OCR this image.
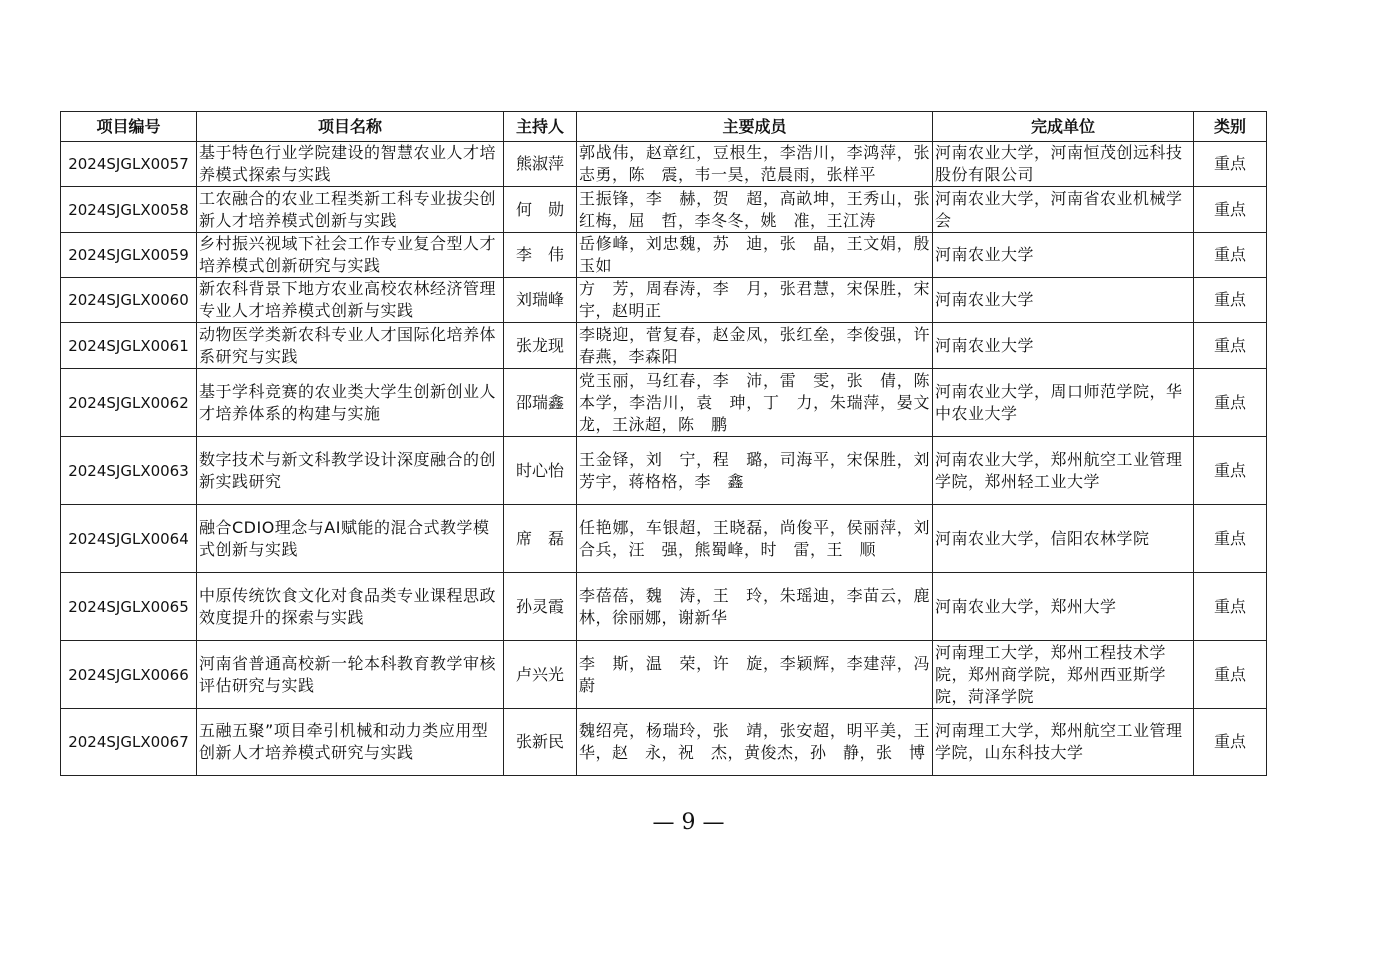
项目编号	项目名称	主持人	主要成员	完成单位	类别
2024SJGLX0057	基于特色行业学院建设的智慧农业人才培养模式探索与实践	熊淑萍	郭战伟，赵章红，豆根生，李浩川，李鸿萍，张志勇，陈　震，韦一昊，范晨雨，张样平	河南农业大学，河南恒茂创远科技股份有限公司	重点
2024SJGLX0058	工农融合的农业工程类新工科专业拔尖创新人才培养模式创新与实践	何　勋	王振锋，李　赫，贺　超，高畝坤，王秀山，张红梅，屈　哲，李冬冬，姚　准，王江涛	河南农业大学，河南省农业机械学会	重点
2024SJGLX0059	乡村振兴视域下社会工作专业复合型人才培养模式创新研究与实践	李　伟	岳修峰，刘忠魏，苏　迪，张　晶，王文娟，殷玉如	河南农业大学	重点
2024SJGLX0060	新农科背景下地方农业高校农林经济管理专业人才培养模式创新与实践	刘瑞峰	方　芳，周春涛，李　月，张君慧，宋保胜，宋　宇，赵明正	河南农业大学	重点
2024SJGLX0061	动物医学类新农科专业人才国际化培养体系研究与实践	张龙现	李晓迎，菅复春，赵金凤，张红垒，李俊强，许春燕，李森阳	河南农业大学	重点
2024SJGLX0062	基于学科竞赛的农业类大学生创新创业人才培养体系的构建与实施	邵瑞鑫	党玉丽，马红春，李　沛，雷　雯，张　倩，陈本学，李浩川，袁　珅，丁　力，朱瑞萍，晏文龙，王泳超，陈　鹏	河南农业大学，周口师范学院，华中农业大学	重点
2024SJGLX0063	数字技术与新文科教学设计深度融合的创新实践研究	时心怡	王金铎，刘　宁，程　璐，司海平，宋保胜，刘芳宇，蒋格格，李　鑫	河南农业大学，郑州航空工业管理学院，郑州轻工业大学	重点
2024SJGLX0064	融合CDIO理念与AI赋能的混合式教学模式创新与实践	席　磊	任艳娜，车银超，王晓磊，尚俊平，侯丽萍，刘合兵，汪　强，熊蜀峰，时　雷，王　顺	河南农业大学，信阳农林学院	重点
2024SJGLX0065	中原传统饮食文化对食品类专业课程思政效度提升的探索与实践	孙灵霞	李蓓蓓，魏　涛，王　玲，朱瑶迪，李苗云，鹿　林，徐丽娜，谢新华	河南农业大学，郑州大学	重点
2024SJGLX0066	河南省普通高校新一轮本科教育教学审核评估研究与实践	卢兴光	李　斯，温　荣，许　旋，李颖辉，李建萍，冯　蔚	河南理工大学，郑州工程技术学院，郑州商学院，郑州西亚斯学院，菏泽学院	重点
2024SJGLX0067	五融五聚”项目牵引机械和动力类应用型创新人才培养模式研究与实践	张新民	魏绍亮，杨瑞玲，张　靖，张安超，明平美，王　华，赵　永，祝　杰，黄俊杰，孙　静，张　博	河南理工大学，郑州航空工业管理学院，山东科技大学	重点
— 9 —
